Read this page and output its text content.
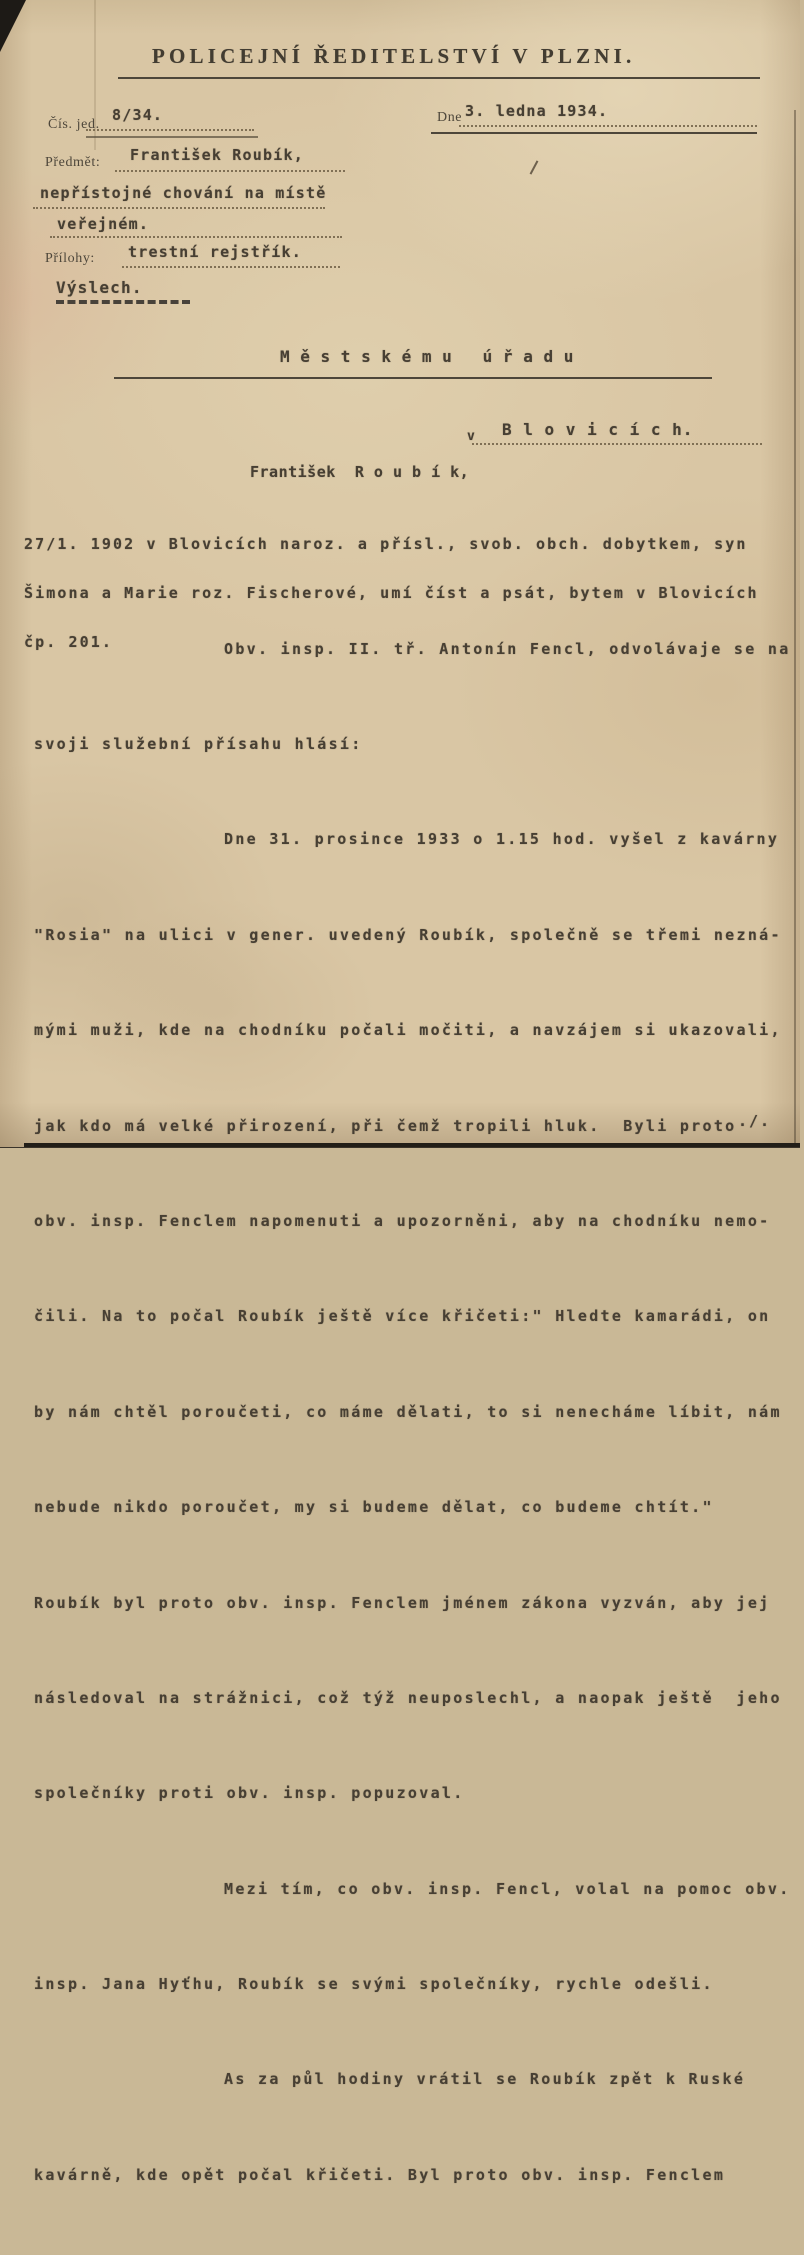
POLICEJNÍ ŘEDITELSTVÍ V PLZNI.
Čís. jed.
8/34.	Dne 3. ledna 1934.
Předmět: František Roubík,
nepřístojné chování na místě
veřejném.
Přílohy: trestní rejstřík.
Výslech.
M ě s t s k é m u   ú ř a d u
v B l o v i c í c h.
František R o u b í k,

27/1. 1902 v Blovicích naroz. a přísl., svob. obch. dobytkem, syn

Šimona a Marie roz. Fischerové, umí číst a psát, bytem v Blovicích

čp. 201.

	Obv. insp. II. tř. Antonín Fencl, odvolávaje se na

svoji služební přísahu hlásí:

Dne 31. prosince 1933 o 1.15 hod. vyšel z kavárny

"Rosia" na ulici v gener. uvedený Roubík, společně se třemi nezná-

mými muži, kde na chodníku počali močiti, a navzájem si ukazovali,

jak kdo má velké přirození, při čemž tropili hluk.  Byli proto

obv. insp. Fenclem napomenuti a upozorněni, aby na chodníku nemo-

čili. Na to počal Roubík ještě více křičeti:" Hledte kamarádi, on

by nám chtěl poroučeti, co máme dělati, to si nenecháme líbit, nám

nebude nikdo poroučet, my si budeme dělat, co budeme chtít."

Roubík byl proto obv. insp. Fenclem jménem zákona vyzván, aby jej

následoval na strážnici, což týž neuposlechl, a naopak ještě  jeho

společníky proti obv. insp. popuzoval.

Mezi tím, co obv. insp. Fencl, volal na pomoc obv.

insp. Jana Hyťhu, Roubík se svými společníky, rychle odešli.

As za půl hodiny vrátil se Roubík zpět k Ruské

kavárně, kde opět počal křičeti. Byl proto obv. insp. Fenclem

./.
